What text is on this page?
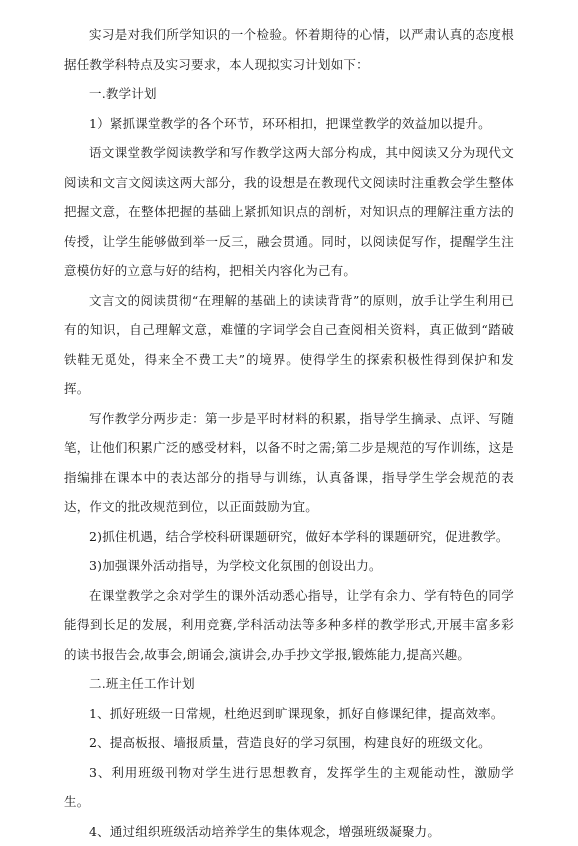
实习是对我们所学知识的一个检验。怀着期待的心情，以严肃认真的态度根据任教学科特点及实习要求，本人现拟实习计划如下：

一.教学计划

1）紧抓课堂教学的各个环节，环环相扣，把课堂教学的效益加以提升。

语文课堂教学阅读教学和写作教学这两大部分构成，其中阅读又分为现代文阅读和文言文阅读这两大部分，我的设想是在教现代文阅读时注重教会学生整体把握文意，在整体把握的基础上紧抓知识点的剖析，对知识点的理解注重方法的传授，让学生能够做到举一反三，融会贯通。同时，以阅读促写作，提醒学生注意模仿好的立意与好的结构，把相关内容化为己有。

文言文的阅读贯彻“在理解的基础上的读读背背”的原则，放手让学生利用已有的知识，自己理解文意，难懂的字词学会自己查阅相关资料，真正做到“踏破铁鞋无觅处，得来全不费工夫”的境界。使得学生的探索积极性得到保护和发挥。

写作教学分两步走：第一步是平时材料的积累，指导学生摘录、点评、写随笔，让他们积累广泛的感受材料，以备不时之需;第二步是规范的写作训练，这是指编排在课本中的表达部分的指导与训练，认真备课，指导学生学会规范的表达，作文的批改规范到位，以正面鼓励为宜。

2)抓住机遇，结合学校科研课题研究，做好本学科的课题研究，促进教学。

3)加强课外活动指导，为学校文化氛围的创设出力。

在课堂教学之余对学生的课外活动悉心指导，让学有余力、学有特色的同学能得到长足的发展，利用竞赛,学科活动法等多种多样的教学形式,开展丰富多彩的读书报告会,故事会,朗诵会,演讲会,办手抄文学报,锻炼能力,提高兴趣。

二.班主任工作计划

1、抓好班级一日常规，杜绝迟到旷课现象，抓好自修课纪律，提高效率。

2、提高板报、墙报质量，营造良好的学习氛围，构建良好的班级文化。

3、利用班级刊物对学生进行思想教育，发挥学生的主观能动性，激励学生。

4、通过组织班级活动培养学生的集体观念，增强班级凝聚力。
